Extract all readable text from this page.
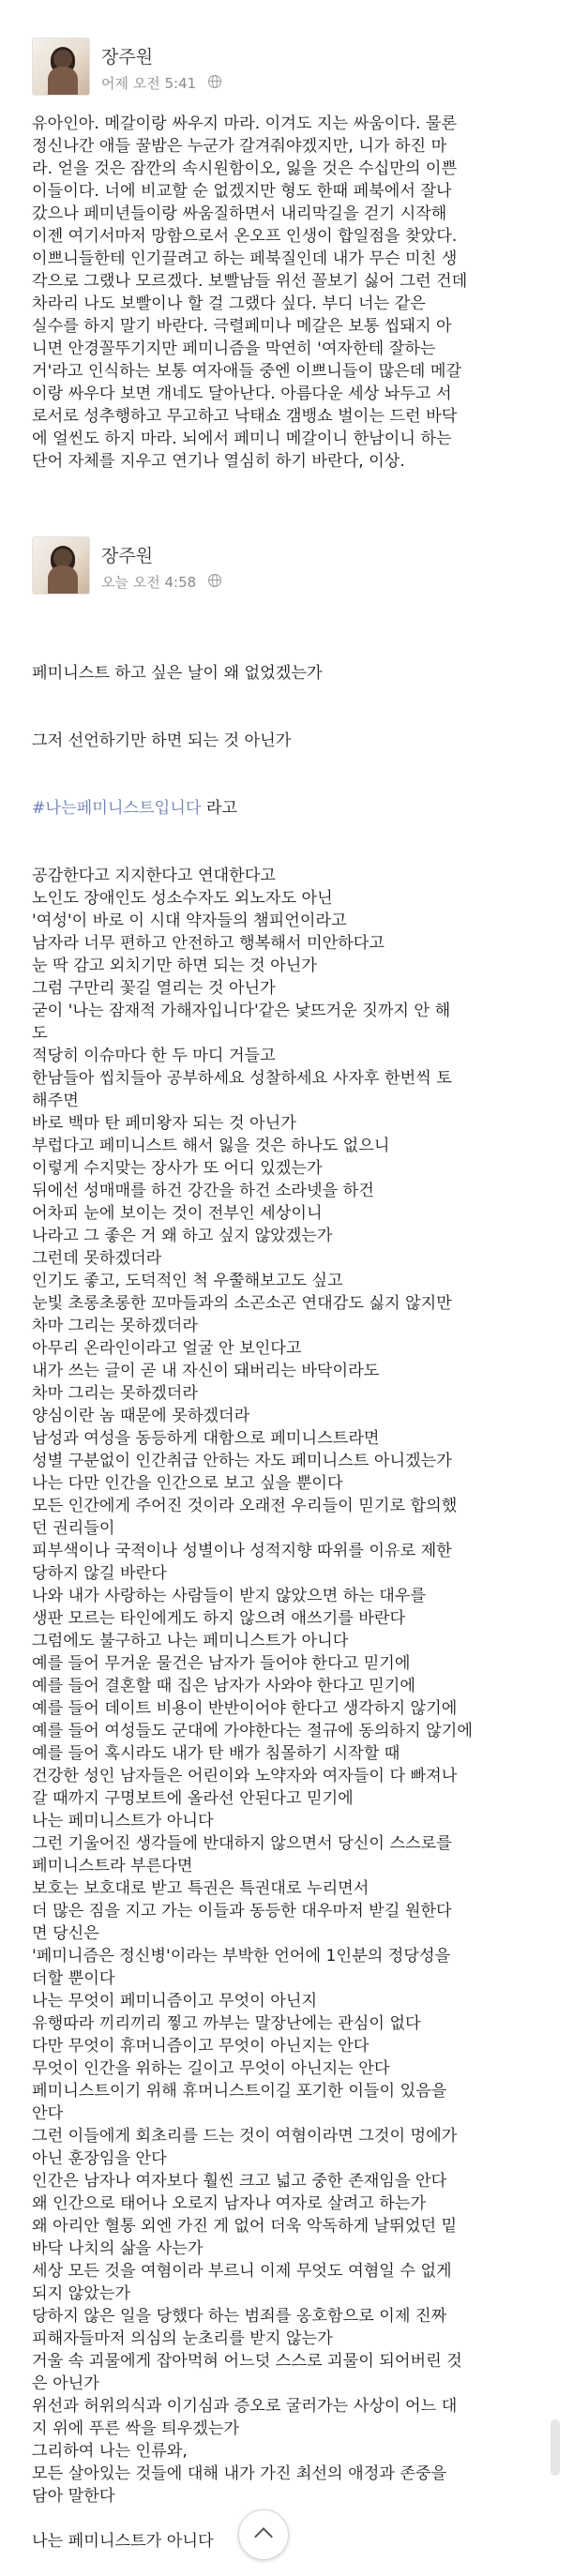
장주원
어제 오전 5:41
유아인아. 메갈이랑 싸우지 마라. 이겨도 지는 싸움이다. 물론
정신나간 애들 꿀밤은 누군가 갈겨줘야겠지만, 니가 하진 마
라. 얻을 것은 잠깐의 속시원함이오, 잃을 것은 수십만의 이쁜
이들이다. 너에 비교할 순 없겠지만 형도 한때 페북에서 잘나
갔으나 페미년들이랑 싸움질하면서 내리막길을 걷기 시작해
이젠 여기서마저 망함으로서 온오프 인생이 합일점을 찾았다.
이쁘니들한테 인기끌려고 하는 페북질인데 내가 무슨 미친 생
각으로 그랬나 모르겠다. 보빨남들 위선 꼴보기 싫어 그런 건데
차라리 나도 보빨이나 할 걸 그랬다 싶다. 부디 너는 같은
실수를 하지 말기 바란다. 극렬페미나 메갈은 보통 씹돼지 아
니면 안경꼴뚜기지만 페미니즘을 막연히 '여자한테 잘하는
거'라고 인식하는 보통 여자애들 중엔 이쁘니들이 많은데 메갈
이랑 싸우다 보면 개네도 달아난다. 아름다운 세상 놔두고 서
로서로 성추행하고 무고하고 낙태쇼 갬뱅쇼 벌이는 드런 바닥
에 얼씬도 하지 마라. 뇌에서 페미니 메갈이니 한남이니 하는
단어 자체를 지우고 연기나 열심히 하기 바란다, 이상.
장주원
오늘 오전 4:58

페미니스트 하고 싶은 날이 왜 없었겠는가

그저 선언하기만 하면 되는 것 아닌가

#나는페미니스트입니다 라고

공감한다고 지지한다고 연대한다고
노인도 장애인도 성소수자도 외노자도 아닌
'여성'이 바로 이 시대 약자들의 챔피언이라고
남자라 너무 편하고 안전하고 행복해서 미안하다고
눈 딱 감고 외치기만 하면 되는 것 아닌가
그럼 구만리 꽃길 열리는 것 아닌가
굳이 '나는 잠재적 가해자입니다'같은 낯뜨거운 짓까지 안 해
도
적당히 이슈마다 한 두 마디 거들고
한남들아 씹치들아 공부하세요 성찰하세요 사자후 한번씩 토
해주면
바로 백마 탄 페미왕자 되는 것 아닌가
부럽다고 페미니스트 해서 잃을 것은 하나도 없으니
이렇게 수지맞는 장사가 또 어디 있겠는가
뒤에선 성매매를 하건 강간을 하건 소라넷을 하건
어차피 눈에 보이는 것이 전부인 세상이니
나라고 그 좋은 거 왜 하고 싶지 않았겠는가
그런데 못하겠더라
인기도 좋고, 도덕적인 척 우쭐해보고도 싶고
눈빛 초롱초롱한 꼬마들과의 소곤소곤 연대감도 싫지 않지만
차마 그리는 못하겠더라
아무리 온라인이라고 얼굴 안 보인다고
내가 쓰는 글이 곧 내 자신이 돼버리는 바닥이라도
차마 그리는 못하겠더라
양심이란 놈 때문에 못하겠더라
남성과 여성을 동등하게 대함으로 페미니스트라면
성별 구분없이 인간취급 안하는 자도 페미니스트 아니겠는가
나는 다만 인간을 인간으로 보고 싶을 뿐이다
모든 인간에게 주어진 것이라 오래전 우리들이 믿기로 합의했
던 권리들이
피부색이나 국적이나 성별이나 성적지향 따위를 이유로 제한
당하지 않길 바란다
나와 내가 사랑하는 사람들이 받지 않았으면 하는 대우를
생판 모르는 타인에게도 하지 않으려 애쓰기를 바란다
그럼에도 불구하고 나는 페미니스트가 아니다
예를 들어 무거운 물건은 남자가 들어야 한다고 믿기에
예를 들어 결혼할 때 집은 남자가 사와야 한다고 믿기에
예를 들어 데이트 비용이 반반이어야 한다고 생각하지 않기에
예를 들어 여성들도 군대에 가야한다는 절규에 동의하지 않기에
예를 들어 혹시라도 내가 탄 배가 침몰하기 시작할 때
건강한 성인 남자들은 어린이와 노약자와 여자들이 다 빠져나
갈 때까지 구명보트에 올라선 안된다고 믿기에
나는 페미니스트가 아니다
그런 기울어진 생각들에 반대하지 않으면서 당신이 스스로를
페미니스트라 부른다면
보호는 보호대로 받고 특권은 특권대로 누리면서
더 많은 짐을 지고 가는 이들과 동등한 대우마저 받길 원한다
면 당신은
'페미니즘은 정신병'이라는 부박한 언어에 1인분의 정당성을
더할 뿐이다
나는 무엇이 페미니즘이고 무엇이 아닌지
유행따라 끼리끼리 찧고 까부는 말장난에는 관심이 없다
다만 무엇이 휴머니즘이고 무엇이 아닌지는 안다
무엇이 인간을 위하는 길이고 무엇이 아닌지는 안다
페미니스트이기 위해 휴머니스트이길 포기한 이들이 있음을
안다
그런 이들에게 회초리를 드는 것이 여혐이라면 그것이 멍에가
아닌 훈장임을 안다
인간은 남자나 여자보다 훨씬 크고 넓고 중한 존재임을 안다
왜 인간으로 태어나 오로지 남자나 여자로 살려고 하는가
왜 아리안 혈통 외엔 가진 게 없어 더욱 악독하게 날뛰었던 밑
바닥 나치의 삶을 사는가
세상 모든 것을 여혐이라 부르니 이제 무엇도 여혐일 수 없게
되지 않았는가
당하지 않은 일을 당했다 하는 범죄를 옹호함으로 이제 진짜
피해자들마저 의심의 눈초리를 받지 않는가
거울 속 괴물에게 잡아먹혀 어느덧 스스로 괴물이 되어버린 것
은 아닌가
위선과 허위의식과 이기심과 증오로 굴러가는 사상이 어느 대
지 위에 푸른 싹을 틔우겠는가
그리하여 나는 인류와,
모든 살아있는 것들에 대해 내가 가진 최선의 애정과 존중을
담아 말한다
나는 페미니스트가 아니다
